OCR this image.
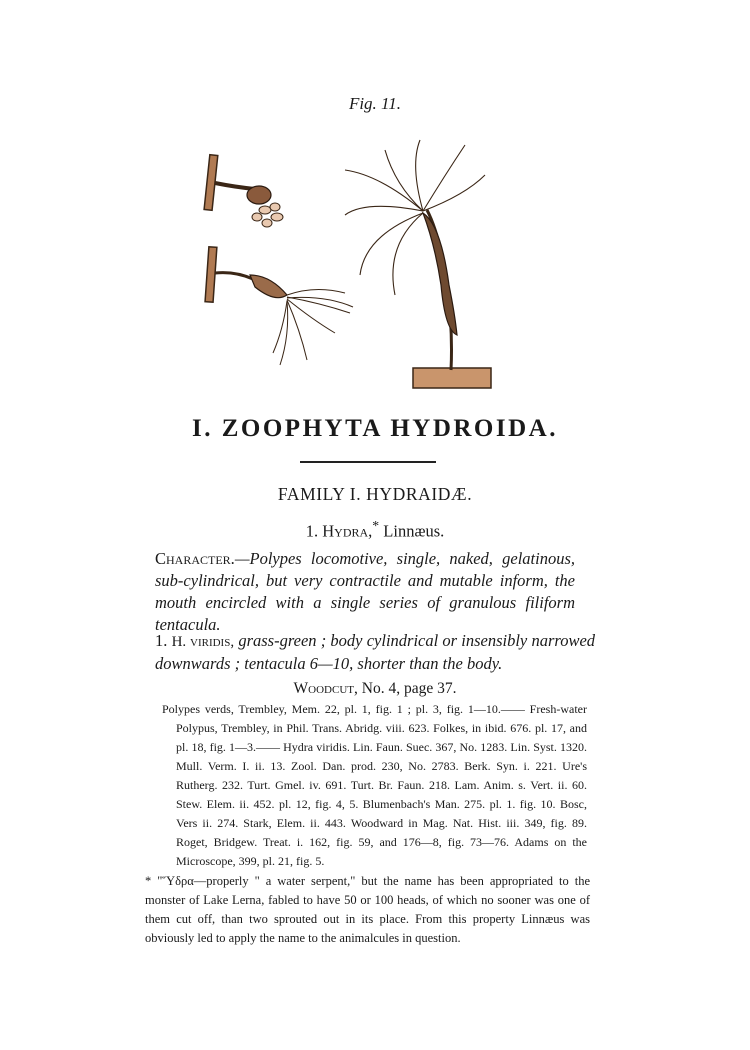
Fig. 11.
I. ZOOPHYTA HYDROIDA.
FAMILY I. HYDRAIDÆ.
1. Hydra,* Linnæus.
Character.—Polypes locomotive, single, naked, gelatinous, sub-cylindrical, but very contractile and mutable inform, the mouth encircled with a single series of granulous filiform tentacula.
1. H. viridis, grass-green ; body cylindrical or insensibly narrowed downwards ; tentacula 6—10, shorter than the body.
Woodcut, No. 4, page 37.

Polypes verds, Trembley, Mem. 22, pl. 1, fig. 1 ; pl. 3, fig. 1—10.—— Fresh-water Polypus, Trembley, in Phil. Trans. Abridg. viii. 623. Folkes, in ibid. 676. pl. 17, and pl. 18, fig. 1—3.—— Hydra viridis. Lin. Faun. Suec. 367, No. 1283. Lin. Syst. 1320. Mull. Verm. I. ii. 13. Zool. Dan. prod. 230, No. 2783. Berk. Syn. i. 221. Ure's Rutherg. 232. Turt. Gmel. iv. 691. Turt. Br. Faun. 218. Lam. Anim. s. Vert. ii. 60. Stew. Elem. ii. 452. pl. 12, fig. 4, 5. Blumenbach's Man. 275. pl. 1. fig. 10. Bosc, Vers ii. 274. Stark, Elem. ii. 443. Woodward in Mag. Nat. Hist. iii. 349, fig. 89. Roget, Bridgew. Treat. i. 162, fig. 59, and 176—8, fig. 73—76. Adams on the Microscope, 399, pl. 21, fig. 5.

* "Ὕδρα—properly " a water serpent," but the name has been appropriated to the monster of Lake Lerna, fabled to have 50 or 100 heads, of which no sooner was one of them cut off, than two sprouted out in its place. From this property Linnæus was obviously led to apply the name to the animalcules in question.
